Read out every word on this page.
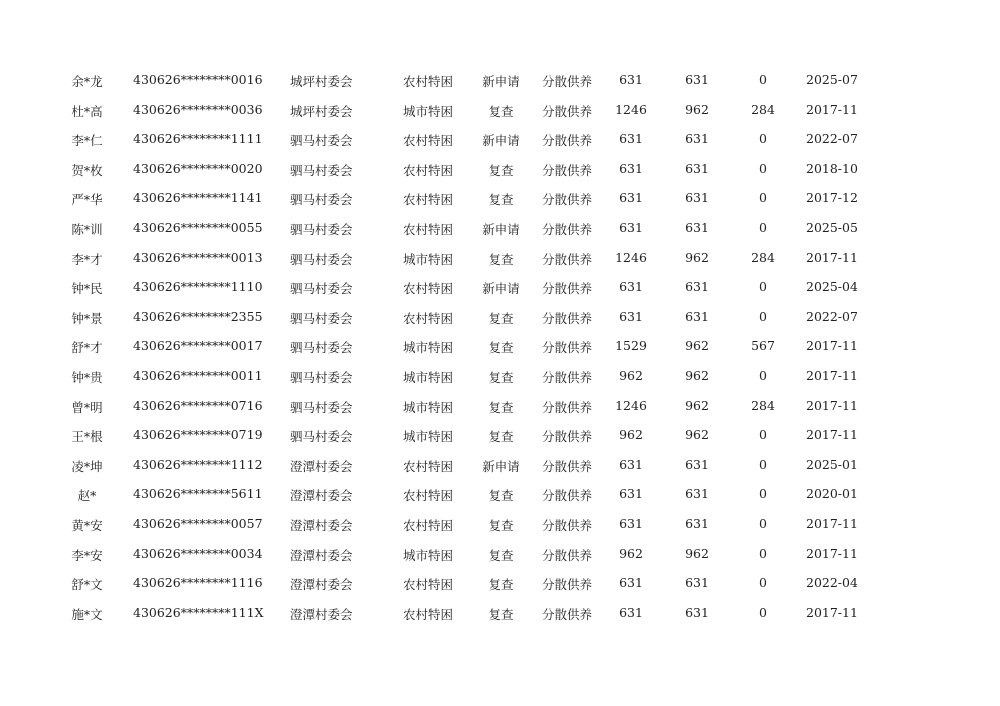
余*龙	430626********0016 城坪村委会	农村特困	新申请	分散供养	631	631	0	2025-07
杜*高	430626********0036 城坪村委会	城市特困	复查	分散供养	1246	962	284	2017-11
李*仁	430626********1111 驷马村委会	农村特困	新申请	分散供养	631	631	0	2022-07
贺*枚	430626********0020 驷马村委会	农村特困	复查	分散供养	631	631	0	2018-10
严*华	430626********1141 驷马村委会	农村特困	复查	分散供养	631	631	0	2017-12
陈*训	430626********0055 驷马村委会	农村特困	新申请	分散供养	631	631	0	2025-05
李*才	430626********0013 驷马村委会	城市特困	复查	分散供养	1246	962	284	2017-11
钟*民	430626********1110 驷马村委会	农村特困	新申请	分散供养	631	631	0	2025-04
钟*景	430626********2355 驷马村委会	农村特困	复查	分散供养	631	631	0	2022-07
舒*才	430626********0017 驷马村委会	城市特困	复查	分散供养	1529	962	567	2017-11
钟*贵	430626********0011 驷马村委会	城市特困	复查	分散供养	962	962	0	2017-11
曾*明	430626********0716 驷马村委会	城市特困	复查	分散供养	1246	962	284	2017-11
王*根	430626********0719 驷马村委会	城市特困	复查	分散供养	962	962	0	2017-11
凌*坤	430626********1112 澄潭村委会	农村特困	新申请	分散供养	631	631	0	2025-01
赵*	430626********5611 澄潭村委会	农村特困	复查	分散供养	631	631	0	2020-01
黄*安	430626********0057 澄潭村委会	农村特困	复查	分散供养	631	631	0	2017-11
李*安	430626********0034 澄潭村委会	城市特困	复查	分散供养	962	962	0	2017-11
舒*文	430626********1116 澄潭村委会	农村特困	复查	分散供养	631	631	0	2022-04
施*文	430626********111X 澄潭村委会	农村特困	复查	分散供养	631	631	0	2017-11
